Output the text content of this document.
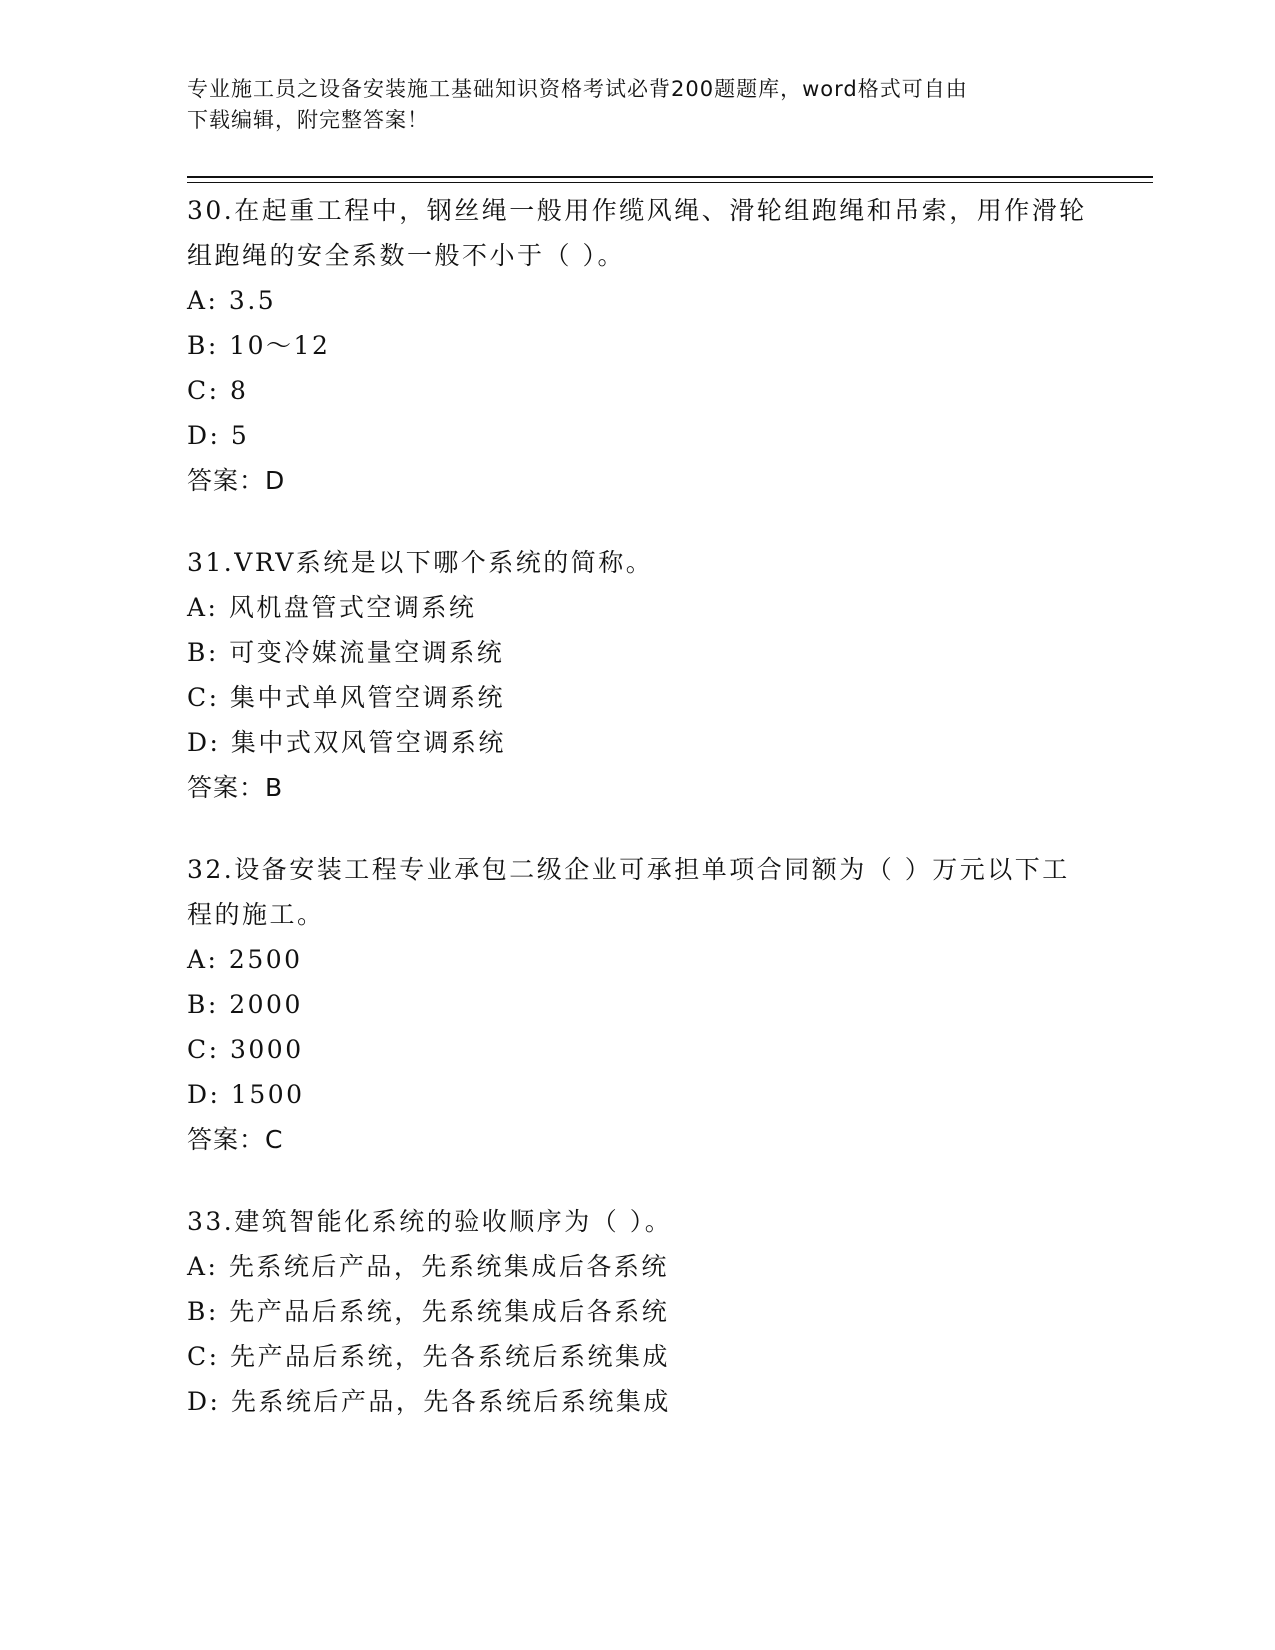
专业施工员之设备安装施工基础知识资格考试必背200题题库，word格式可自由
下载编辑，附完整答案！

30.在起重工程中，钢丝绳一般用作缆风绳、滑轮组跑绳和吊索，用作滑轮组跑绳的安全系数一般不小于（ ）。

A: 3.5

B: 10～12

C: 8

D: 5

答案：D

31.VRV系统是以下哪个系统的简称。

A: 风机盘管式空调系统

B: 可变冷媒流量空调系统

C: 集中式单风管空调系统

D: 集中式双风管空调系统

答案：B

32.设备安装工程专业承包二级企业可承担单项合同额为（ ）万元以下工程的施工。

A: 2500

B: 2000

C: 3000

D: 1500

答案：C

33.建筑智能化系统的验收顺序为（ ）。

A: 先系统后产品，先系统集成后各系统

B: 先产品后系统，先系统集成后各系统

C: 先产品后系统，先各系统后系统集成

D: 先系统后产品，先各系统后系统集成
